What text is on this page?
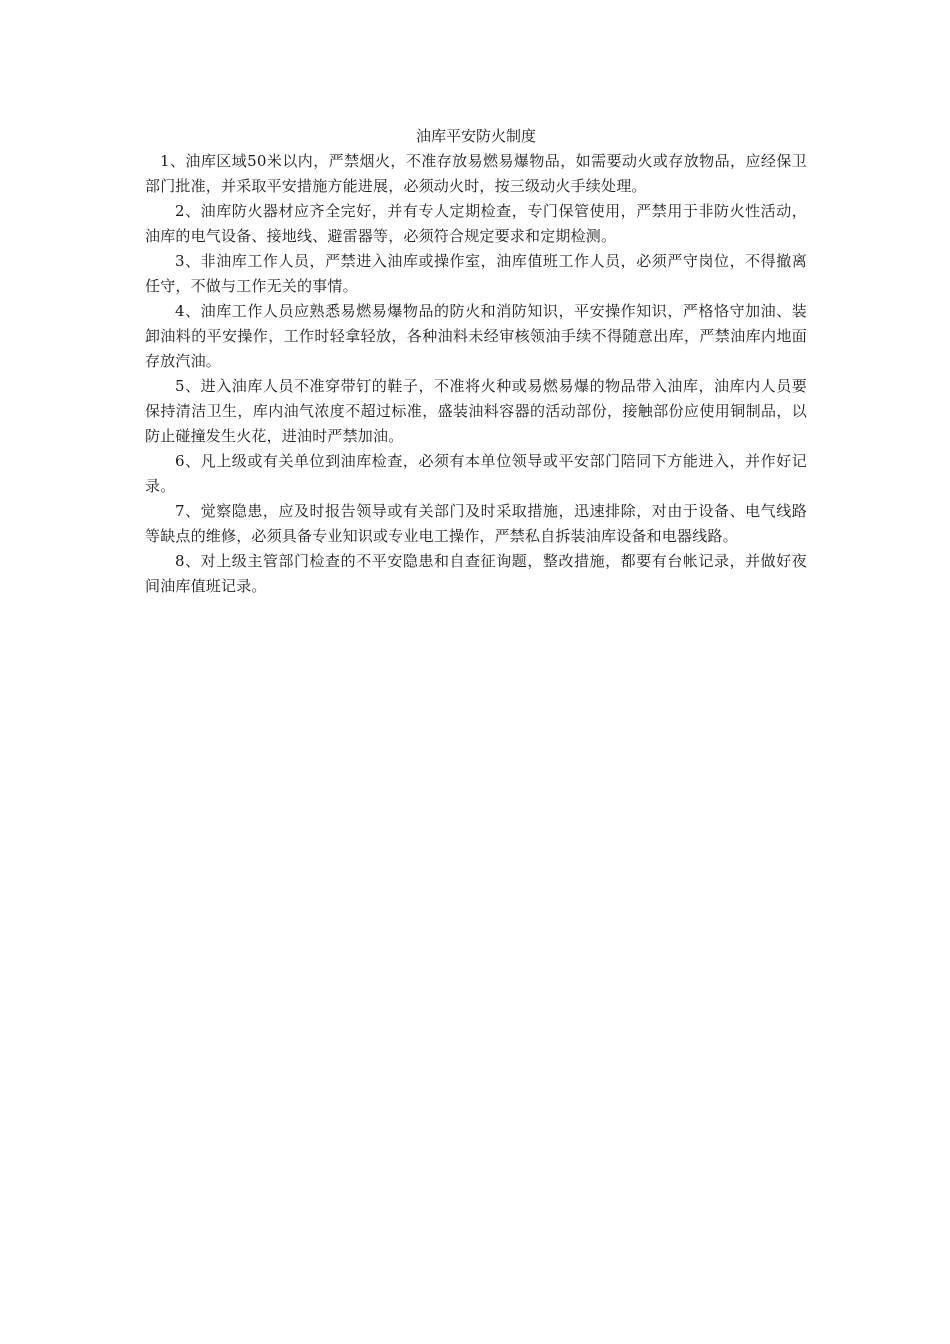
油库平安防火制度

1、油库区域50米以内，严禁烟火，不准存放易燃易爆物品，如需要动火或存放物品，应经保卫部门批准，并采取平安措施方能进展，必须动火时，按三级动火手续处理。

2、油库防火器材应齐全完好，并有专人定期检查，专门保管使用，严禁用于非防火性活动，油库的电气设备、接地线、避雷器等，必须符合规定要求和定期检测。

3、非油库工作人员，严禁进入油库或操作室，油库值班工作人员，必须严守岗位，不得撤离任守，不做与工作无关的事情。

4、油库工作人员应熟悉易燃易爆物品的防火和消防知识，平安操作知识，严格恪守加油、装卸油料的平安操作，工作时轻拿轻放，各种油料未经审核领油手续不得随意出库，严禁油库内地面存放汽油。

5、进入油库人员不准穿带钉的鞋子，不准将火种或易燃易爆的物品带入油库，油库内人员要保持清洁卫生，库内油气浓度不超过标准，盛装油料容器的活动部份，接触部份应使用铜制品，以防止碰撞发生火花，进油时严禁加油。

6、凡上级或有关单位到油库检查，必须有本单位领导或平安部门陪同下方能进入，并作好记录。

7、觉察隐患，应及时报告领导或有关部门及时采取措施，迅速排除，对由于设备、电气线路等缺点的维修，必须具备专业知识或专业电工操作，严禁私自拆装油库设备和电器线路。

8、对上级主管部门检查的不平安隐患和自查征询题，整改措施，都要有台帐记录，并做好夜间油库值班记录。
